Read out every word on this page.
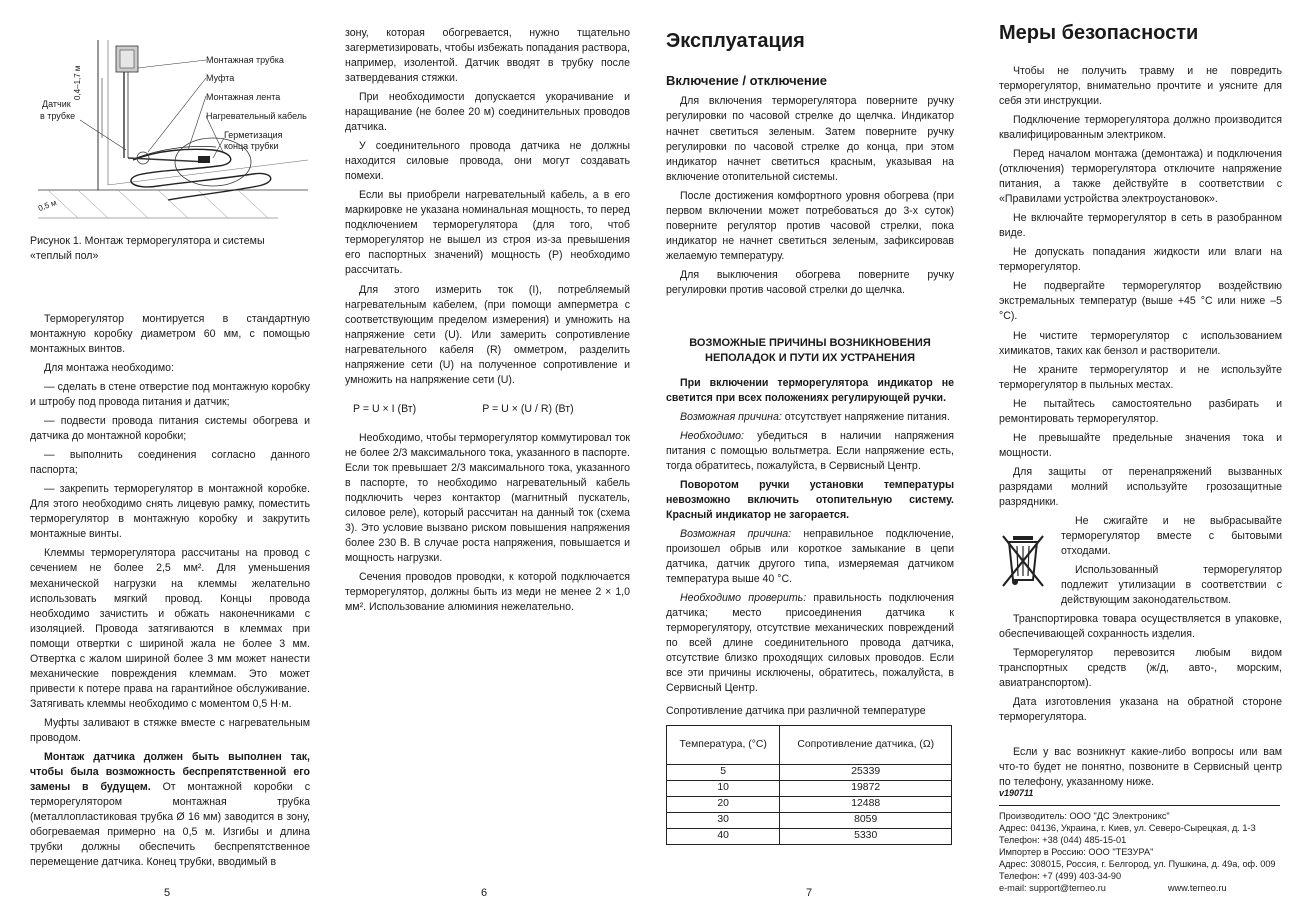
Монтажная трубка
Муфта
Монтажная лента
Нагревательный кабель
Герметизация
конца трубки
Датчик
в трубке
0,4–1,7 м
0,5 м
Рисунок 1. Монтаж терморегулятора и системы
«теплый пол»

Терморегулятор монтируется в стандартную монтажную коробку диаметром 60 мм, с помощью монтажных винтов.

Для монтажа необходимо:

— сделать в стене отверстие под монтажную коробку и штробу под провода питания и датчик;

— подвести провода питания системы обогрева и датчика до монтажной коробки;

— выполнить соединения согласно данного паспорта;

— закрепить терморегулятор в монтажной коробке. Для этого необходимо снять лицевую рамку, поместить терморегулятор в монтажную коробку и закрутить монтажные винты.

Клеммы терморегулятора рассчитаны на провод с сечением не более 2,5 мм². Для уменьшения механической нагрузки на клеммы желательно использовать мягкий провод. Концы провода необходимо зачистить и обжать наконечниками с изоляцией. Провода затягиваются в клеммах при помощи отвертки с шириной жала не более 3 мм. Отвертка с жалом шириной более 3 мм может нанести механические повреждения клеммам. Это может привести к потере права на гарантийное обслуживание. Затягивать клеммы необходимо с моментом 0,5 Н·м.

Муфты заливают в стяжке вместе с нагревательным проводом.

Монтаж датчика должен быть выполнен так, чтобы была возможность беспрепятственной его замены в будущем. От монтажной коробки с терморегулятором монтажная трубка (металлопластиковая трубка Ø 16 мм) заводится в зону, обогреваемая примерно на 0,5 м. Изгибы и длина трубки должны обеспечить беспрепятственное перемещение датчика. Конец трубки, вводимый в

5

зону, которая обогревается, нужно тщательно загерметизировать, чтобы избежать попадания раствора, например, изолентой. Датчик вводят в трубку после затвердевания стяжки.

При необходимости допускается укорачивание и наращивание (не более 20 м) соединительных проводов датчика.

У соединительного провода датчика не должны находится силовые провода, они могут создавать помехи.

Если вы приобрели нагревательный кабель, а в его маркировке не указана номинальная мощность, то перед подключением терморегулятора (для того, чтоб терморегулятор не вышел из строя из-за превышения его паспортных значений) мощность (P) необходимо рассчитать.

Для этого измерить ток (I), потребляемый нагревательным кабелем, (при помощи амперметра с соответствующим пределом измерения) и умножить на напряжение сети (U). Или замерить сопротивление нагревательного кабеля (R) омметром, разделить напряжение сети (U) на полученное сопротивление и умножить на напряжение сети (U).

P = U × I (Вт)	P = U × (U / R) (Вт)

Необходимо, чтобы терморегулятор коммутировал ток не более 2/3 максимального тока, указанного в паспорте. Если ток превышает 2/3 максимального тока, указанного в паспорте, то необходимо нагревательный кабель подключить через контактор (магнитный пускатель, силовое реле), который рассчитан на данный ток (схема 3). Это условие вызвано риском повышения напряжения более 230 В. В случае роста напряжения, повышается и мощность нагрузки.

Сечения проводов проводки, к которой подключается терморегулятор, должны быть из меди не менее 2 × 1,0 мм². Использование алюминия нежелательно.

6
Эксплуатация
Включение / отключение

Для включения терморегулятора поверните ручку регулировки по часовой стрелке до щелчка. Индикатор начнет светиться зеленым. Затем поверните ручку регулировки по часовой стрелке до конца, при этом индикатор начнет светиться красным, указывая на включение отопительной системы.

После достижения комфортного уровня обогрева (при первом включении может потребоваться до 3-х суток) поверните регулятор против часовой стрелки, пока индикатор не начнет светиться зеленым, зафиксировав желаемую температуру.

Для выключения обогрева поверните ручку регулировки против часовой стрелки до щелчка.

ВОЗМОЖНЫЕ ПРИЧИНЫ ВОЗНИКНОВЕНИЯ
НЕПОЛАДОК И ПУТИ ИХ УСТРАНЕНИЯ

При включении терморегулятора индикатор не светится при всех положениях регулирующей ручки.

Возможная причина: отсутствует напряжение питания.

Необходимо: убедиться в наличии напряжения питания с помощью вольтметра. Если напряжение есть, тогда обратитесь, пожалуйста, в Сервисный Центр.

Поворотом ручки установки температуры невозможно включить отопительную систему. Красный индикатор не загорается.

Возможная причина: неправильное подключение, произошел обрыв или короткое замыкание в цепи датчика, датчик другого типа, измеряемая датчиком температура выше 40 °С.

Необходимо проверить: правильность подключения датчика; место присоединения датчика к терморегулятору, отсутствие механических повреждений по всей длине соединительного провода датчика, отсутствие близко проходящих силовых проводов. Если все эти причины исключены, обратитесь, пожалуйста, в Сервисный Центр.

Сопротивление датчика при различной температуре
Температура, (°С)	Сопротивление датчика, (Ω)
5	25339
10	19872
20	12488
30	8059
40	5330
7
Меры безопасности

Чтобы не получить травму и не повредить терморегулятор, внимательно прочтите и уясните для себя эти инструкции.

Подключение терморегулятора должно производится квалифицированным электриком.

Перед началом монтажа (демонтажа) и подключения (отключения) терморегулятора отключите напряжение питания, а также действуйте в соответствии с «Правилами устройства электроустановок».

Не включайте терморегулятор в сеть в разобранном виде.

Не допускать попадания жидкости или влаги на терморегулятор.

Не подвергайте терморегулятор воздействию экстремальных температур (выше +45 °С или ниже –5 °С).

Не чистите терморегулятор с использованием химикатов, таких как бензол и растворители.

Не храните терморегулятор и не используйте терморегулятор в пыльных местах.

Не пытайтесь самостоятельно разбирать и ремонтировать терморегулятор.

Не превышайте предельные значения тока и мощности.

Для защиты от перенапряжений вызванных разрядами молний используйте грозозащитные разрядники.

Не сжигайте и не выбрасывайте терморегулятор вместе с бытовыми отходами.

Использованный терморегулятор подлежит утилизации в соответствии с действующим законодательством.

Транспортировка товара осуществляется в упаковке, обеспечивающей сохранность изделия.

Терморегулятор перевозится любым видом транспортных средств (ж/д, авто-, морским, авиатранспортом).

Дата изготовления указана на обратной стороне терморегулятора.

Если у вас возникнут какие-либо вопросы или вам что-то будет не понятно, позвоните в Сервисный центр по телефону, указанному ниже.

v190711
Производитель: ООО "ДС Электроникс"
Адрес: 04136, Украина, г. Киев, ул. Северо-Сырецкая, д. 1-3
Телефон: +38 (044) 485-15-01
Импортер в Россию: ООО "ТЕЗУРА"
Адрес: 308015, Россия, г. Белгород, ул. Пушкина, д. 49а, оф. 009
Телефон: +7 (499) 403-34-90
e-mail: support@terneo.ru	www.terneo.ru
